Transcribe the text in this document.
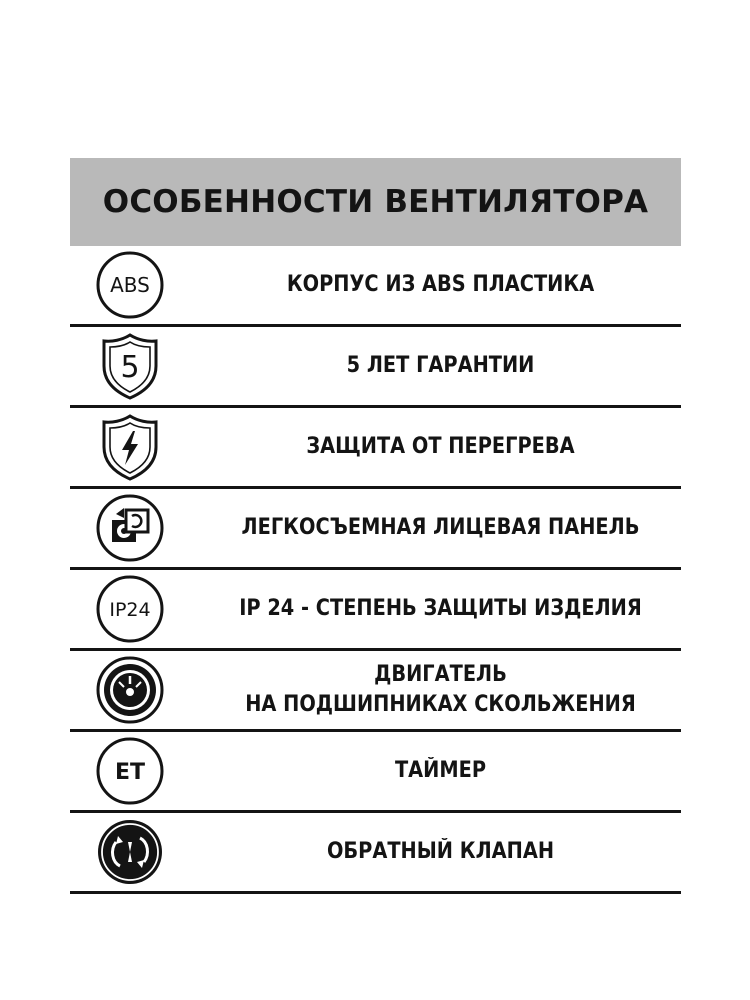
ОСОБЕННОСТИ ВЕНТИЛЯТОРА
ABS	КОРПУС ИЗ ABS ПЛАСТИКА
5	5 ЛЕТ ГАРАНТИИ
ЗАЩИТА ОТ ПЕРЕГРЕВА
ЛЕГКОСЪЕМНАЯ ЛИЦЕВАЯ ПАНЕЛЬ
IP24	IP 24 - СТЕПЕНЬ ЗАЩИТЫ ИЗДЕЛИЯ
ДВИГАТЕЛЬ
НА ПОДШИПНИКАХ СКОЛЬЖЕНИЯ
ET	ТАЙМЕР
ОБРАТНЫЙ КЛАПАН
